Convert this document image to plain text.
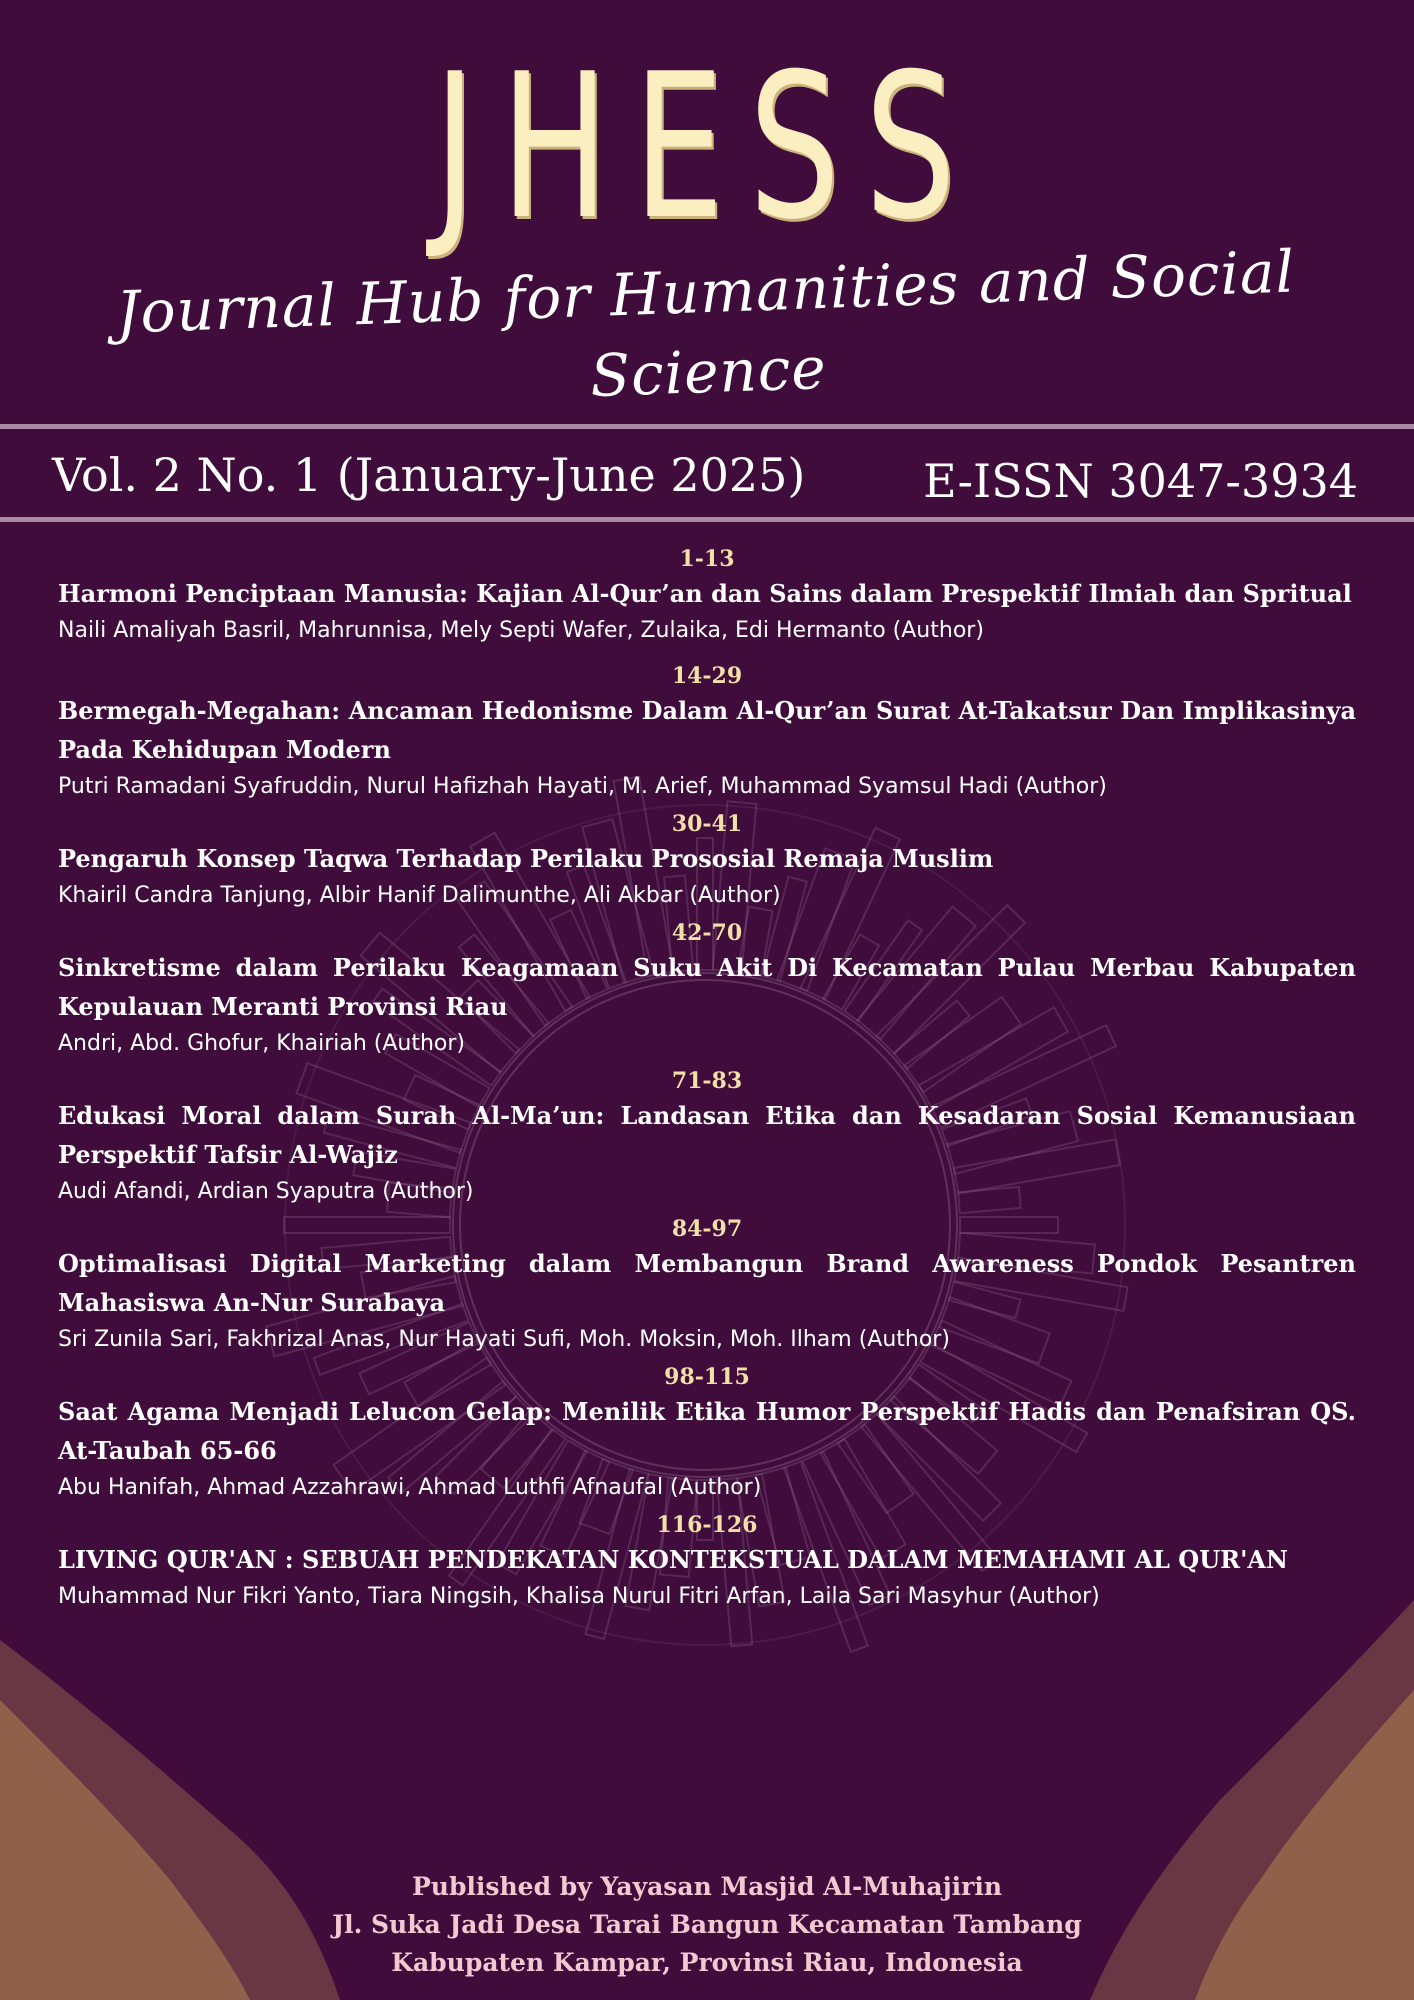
JHESS
Journal Hub for Humanities and Social Science
Vol. 2 No. 1 (January-June 2025)	E-ISSN 3047-3934
1-13
Harmoni Penciptaan Manusia: Kajian Al-Qur’an dan Sains dalam Prespektif Ilmiah dan Spritual
Naili Amaliyah Basril, Mahrunnisa, Mely Septi Wafer, Zulaika, Edi Hermanto (Author)
14-29
Bermegah-Megahan: Ancaman Hedonisme Dalam Al-Qur’an Surat At-Takatsur Dan Implikasinya Pada Kehidupan Modern
Putri Ramadani Syafruddin, Nurul Hafizhah Hayati, M. Arief, Muhammad Syamsul Hadi (Author)
30-41
Pengaruh Konsep Taqwa Terhadap Perilaku Prososial Remaja Muslim
Khairil Candra Tanjung, Albir Hanif Dalimunthe, Ali Akbar (Author)
42-70
Sinkretisme dalam Perilaku Keagamaan Suku Akit Di Kecamatan Pulau Merbau Kabupaten Kepulauan Meranti Provinsi Riau
Andri, Abd. Ghofur, Khairiah (Author)
71-83
Edukasi Moral dalam Surah Al-Ma’un: Landasan Etika dan Kesadaran Sosial Kemanusiaan Perspektif Tafsir Al-Wajiz
Audi Afandi, Ardian Syaputra (Author)
84-97
Optimalisasi Digital Marketing dalam Membangun Brand Awareness Pondok Pesantren Mahasiswa An-Nur Surabaya
Sri Zunila Sari, Fakhrizal Anas, Nur Hayati Sufi, Moh. Moksin, Moh. Ilham (Author)
98-115
Saat Agama Menjadi Lelucon Gelap: Menilik Etika Humor Perspektif Hadis dan Penafsiran QS. At-Taubah 65-66
Abu Hanifah, Ahmad Azzahrawi, Ahmad Luthfi Afnaufal (Author)
116-126
LIVING QUR'AN : SEBUAH PENDEKATAN KONTEKSTUAL DALAM MEMAHAMI AL QUR'AN
Muhammad Nur Fikri Yanto, Tiara Ningsih, Khalisa Nurul Fitri Arfan, Laila Sari Masyhur (Author)
Published by Yayasan Masjid Al-Muhajirin
Jl. Suka Jadi Desa Tarai Bangun Kecamatan Tambang
Kabupaten Kampar, Provinsi Riau, Indonesia
